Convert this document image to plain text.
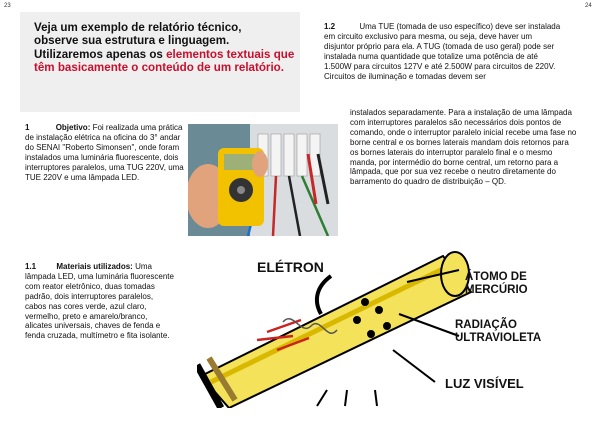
23	24
Veja um exemplo de relatório técnico,
observe sua estrutura e linguagem.
Utilizaremos apenas os elementos textuais que têm basicamente o conteúdo de um relatório.
1	Objetivo: Foi realizada uma prática de instalação elétrica na oficina do 3° andar do SENAI "Roberto Simonsen", onde foram instalados uma luminária fluorescente, dois interruptores paralelos, uma TUG 220V, uma TUE 220V e uma lâmpada LED.
1.1	Materiais utilizados: Uma lâmpada LED, uma luminária fluorescente com reator eletrônico, duas tomadas padrão, dois interruptores paralelos, cabos nas cores verde, azul claro, vermelho, preto e amarelo/branco, alicates universais, chaves de fenda e fenda cruzada, multímetro e fita isolante.
1.2	Uma TUE (tomada de uso específico) deve ser instalada em circuito exclusivo para mesma, ou seja, deve haver um disjuntor próprio para ela. A TUG (tomada de uso geral) pode ser instalada numa quantidade que totalize uma potência de até 1.500W para circuitos 127V e até 2.500W para circuitos de 220V. Circuitos de iluminação e tomadas devem ser
instalados separadamente. Para a instalação de uma lâmpada com interruptores paralelos são necessários dois pontos de comando, onde o interruptor paralelo inicial recebe uma fase no borne central e os bornes laterais mandam dois retornos para os bornes laterais do interruptor paralelo final e o mesmo manda, por intermédio do borne central, um retorno para a lâmpada, que por sua vez recebe o neutro diretamente do barramento do quadro de distribuição – QD.
ELÉTRON
ÁTOMO DE MERCÚRIO
RADIAÇÃO ULTRAVIOLETA
LUZ VISÍVEL
